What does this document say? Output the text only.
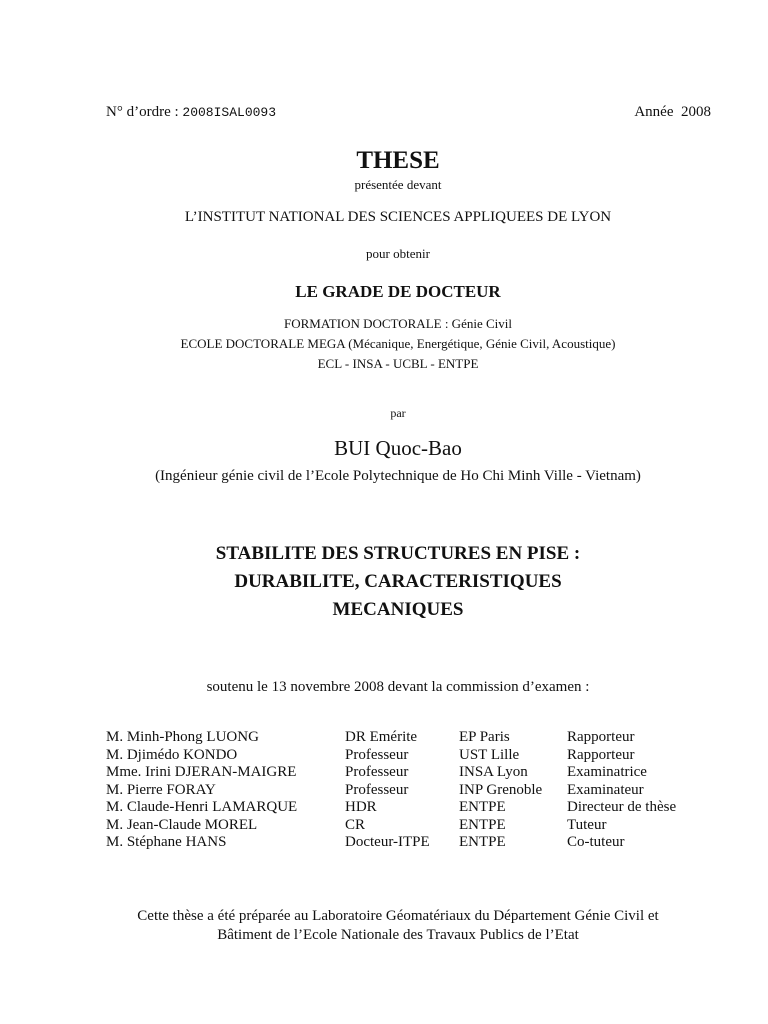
N° d’ordre : 2008ISAL0093	Année 2008
THESE
présentée devant
L’INSTITUT NATIONAL DES SCIENCES APPLIQUEES DE LYON
pour obtenir
LE GRADE DE DOCTEUR
FORMATION DOCTORALE : Génie Civil
ECOLE DOCTORALE MEGA (Mécanique, Energétique, Génie Civil, Acoustique)
ECL - INSA - UCBL - ENTPE
par
BUI Quoc-Bao
(Ingénieur génie civil de l’Ecole Polytechnique de Ho Chi Minh Ville - Vietnam)
STABILITE DES STRUCTURES EN PISE :
DURABILITE, CARACTERISTIQUES
MECANIQUES
soutenu le 13 novembre 2008 devant la commission d’examen :
M. Minh-Phong LUONG	DR Emérite	EP Paris	Rapporteur
M. Djimédo KONDO	Professeur	UST Lille	Rapporteur
Mme. Irini DJERAN-MAIGRE	Professeur	INSA Lyon	Examinatrice
M. Pierre FORAY	Professeur	INP Grenoble	Examinateur
M. Claude-Henri LAMARQUE	HDR	ENTPE	Directeur de thèse
M. Jean-Claude MOREL	CR	ENTPE	Tuteur
M. Stéphane HANS	Docteur-ITPE	ENTPE	Co-tuteur
Cette thèse a été préparée au Laboratoire Géomatériaux du Département Génie Civil et
Bâtiment de l’Ecole Nationale des Travaux Publics de l’Etat
